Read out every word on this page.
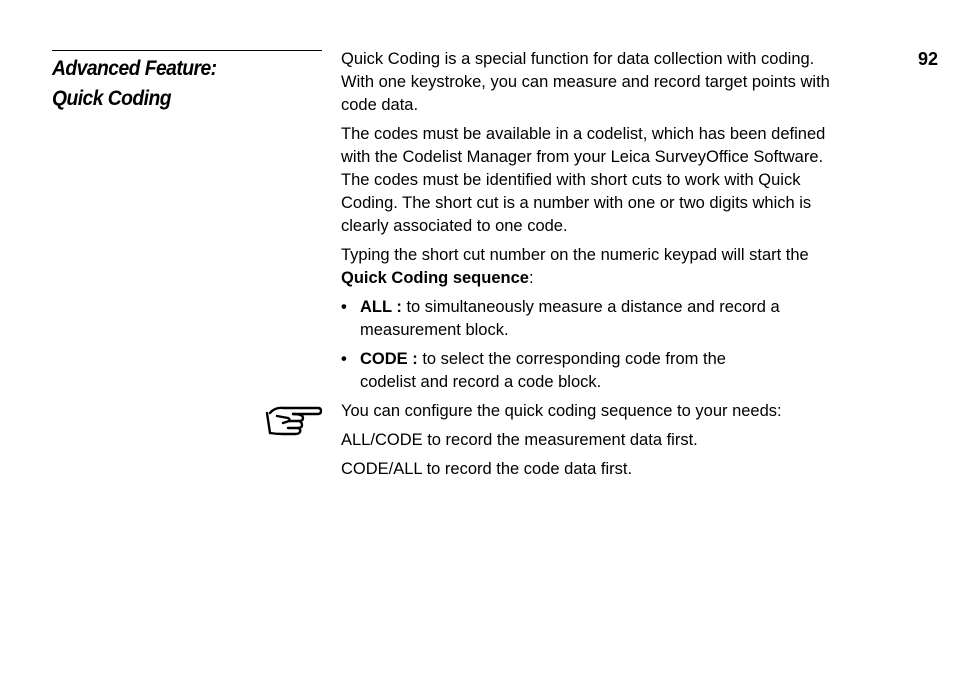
Advanced Feature:
Quick Coding
92

Quick Coding is a special function for data collection with coding.
With one keystroke, you can measure and record target points with
code data.

The codes must be available in a codelist, which has been defined
with the Codelist Manager from your Leica SurveyOffice Software.
The codes must be identified with short cuts to work with Quick
Coding. The short cut is a number with one or two digits which is
clearly associated to one code.

Typing the short cut number on the numeric keypad will start the
Quick Coding sequence:

• ALL : to simultaneously measure a distance and record a
measurement block.
• CODE : to select the corresponding code from the
codelist and record a code block.

You can configure the quick coding sequence to your needs:

ALL/CODE to record the measurement data first.

CODE/ALL to record the code data first.
